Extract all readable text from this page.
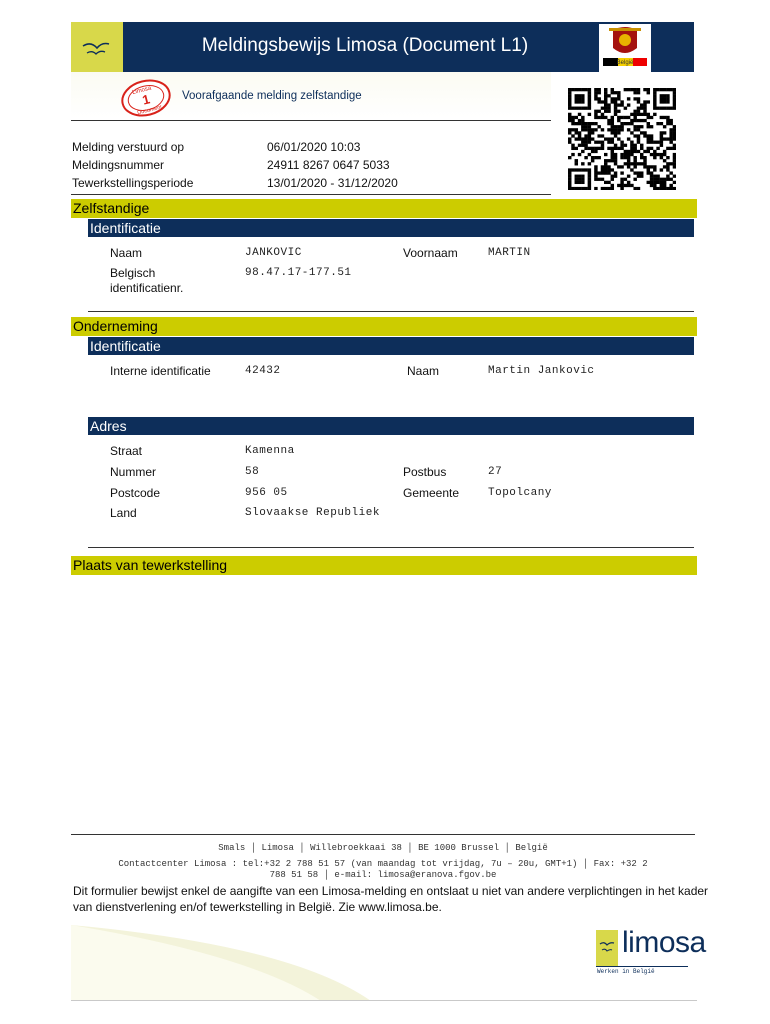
Meldingsbewijs Limosa (Document L1)
België
Limosa
1
Document
Voorafgaande melding zelfstandige
Melding verstuurd op	06/01/2020 10:03
Meldingsnummer	24911 8267 0647 5033
Tewerkstellingsperiode	13/01/2020 - 31/12/2020
Zelfstandige
Identificatie
Naam	JANKOVIC	Voornaam	MARTIN
Belgisch
identificatienr.
98.47.17-177.51
Onderneming
Identificatie
Interne identificatie	42432	Naam	Martin Jankovic
Adres
Straat	Kamenna
Nummer	58	Postbus	27
Postcode	956 05	Gemeente	Topolcany
Land	Slovaakse Republiek
Plaats van tewerkstelling
Smals │ Limosa │ Willebroekkaai 38 │ BE 1000 Brussel │ België
Contactcenter Limosa : tel:+32 2 788 51 57 (van maandag tot vrijdag, 7u – 20u, GMT+1) │ Fax: +32 2
788 51 58 │ e-mail: limosa@eranova.fgov.be
Dit formulier bewijst enkel de aangifte van een Limosa-melding en ontslaat u niet van andere verplichtingen in het kader van dienstverlening en/of tewerkstelling in België. Zie www.limosa.be.
limosa
Werken in België
